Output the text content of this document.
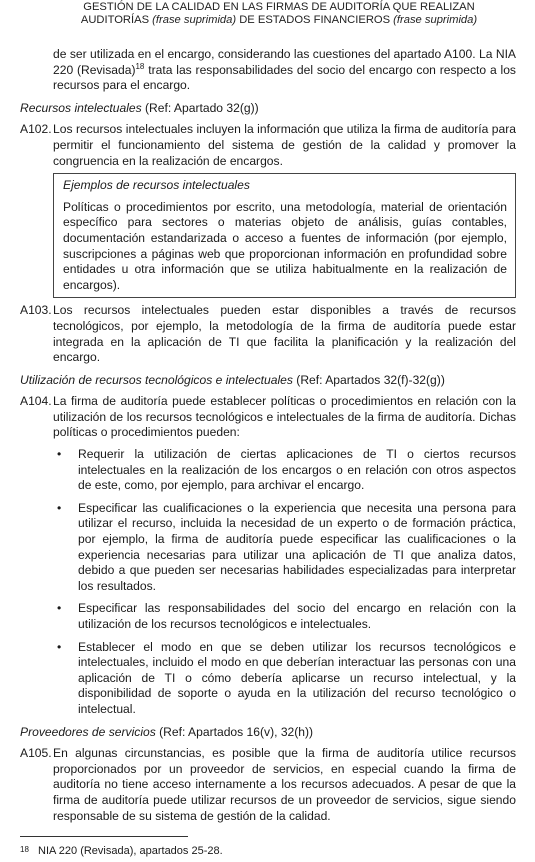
GESTIÓN DE LA CALIDAD EN LAS FIRMAS DE AUDITORÍA QUE REALIZAN
AUDITORÍAS (frase suprimida) DE ESTADOS FINANCIEROS (frase suprimida)

de ser utilizada en el encargo, considerando las cuestiones del apartado A100. La NIA 220 (Revisada)$^{18}$ trata las responsabilidades del socio del encargo con respecto a los recursos para el encargo.

Recursos intelectuales (Ref: Apartado 32(g))

A102. Los recursos intelectuales incluyen la información que utiliza la firma de auditoría para permitir el funcionamiento del sistema de gestión de la calidad y promover la congruencia en la realización de encargos.
Ejemplos de recursos intelectuales
Políticas o procedimientos por escrito, una metodología, material de orientación específico para sectores o materias objeto de análisis, guías contables, documentación estandarizada o acceso a fuentes de información (por ejemplo, suscripciones a páginas web que proporcionan información en profundidad sobre entidades u otra información que se utiliza habitualmente en la realización de encargos).
A103. Los recursos intelectuales pueden estar disponibles a través de recursos tecnológicos, por ejemplo, la metodología de la firma de auditoría puede estar integrada en la aplicación de TI que facilita la planificación y la realización del encargo.

Utilización de recursos tecnológicos e intelectuales (Ref: Apartados 32(f)-32(g))

A104. La firma de auditoría puede establecer políticas o procedimientos en relación con la utilización de los recursos tecnológicos e intelectuales de la firma de auditoría. Dichas políticas o procedimientos pueden:
•	Requerir la utilización de ciertas aplicaciones de TI o ciertos recursos intelectuales en la realización de los encargos o en relación con otros aspectos de este, como, por ejemplo, para archivar el encargo.
•	Especificar las cualificaciones o la experiencia que necesita una persona para utilizar el recurso, incluida la necesidad de un experto o de formación práctica, por ejemplo, la firma de auditoría puede especificar las cualificaciones o la experiencia necesarias para utilizar una aplicación de TI que analiza datos, debido a que pueden ser necesarias habilidades especializadas para interpretar los resultados.
•	Especificar las responsabilidades del socio del encargo en relación con la utilización de los recursos tecnológicos e intelectuales.
•	Establecer el modo en que se deben utilizar los recursos tecnológicos e intelectuales, incluido el modo en que deberían interactuar las personas con una aplicación de TI o cómo debería aplicarse un recurso intelectual, y la disponibilidad de soporte o ayuda en la utilización del recurso tecnológico o intelectual.

Proveedores de servicios (Ref: Apartados 16(v), 32(h))

A105. En algunas circunstancias, es posible que la firma de auditoría utilice recursos proporcionados por un proveedor de servicios, en especial cuando la firma de auditoría no tiene acceso internamente a los recursos adecuados. A pesar de que la firma de auditoría puede utilizar recursos de un proveedor de servicios, sigue siendo responsable de su sistema de gestión de la calidad.
18 NIA 220 (Revisada), apartados 25-28.
